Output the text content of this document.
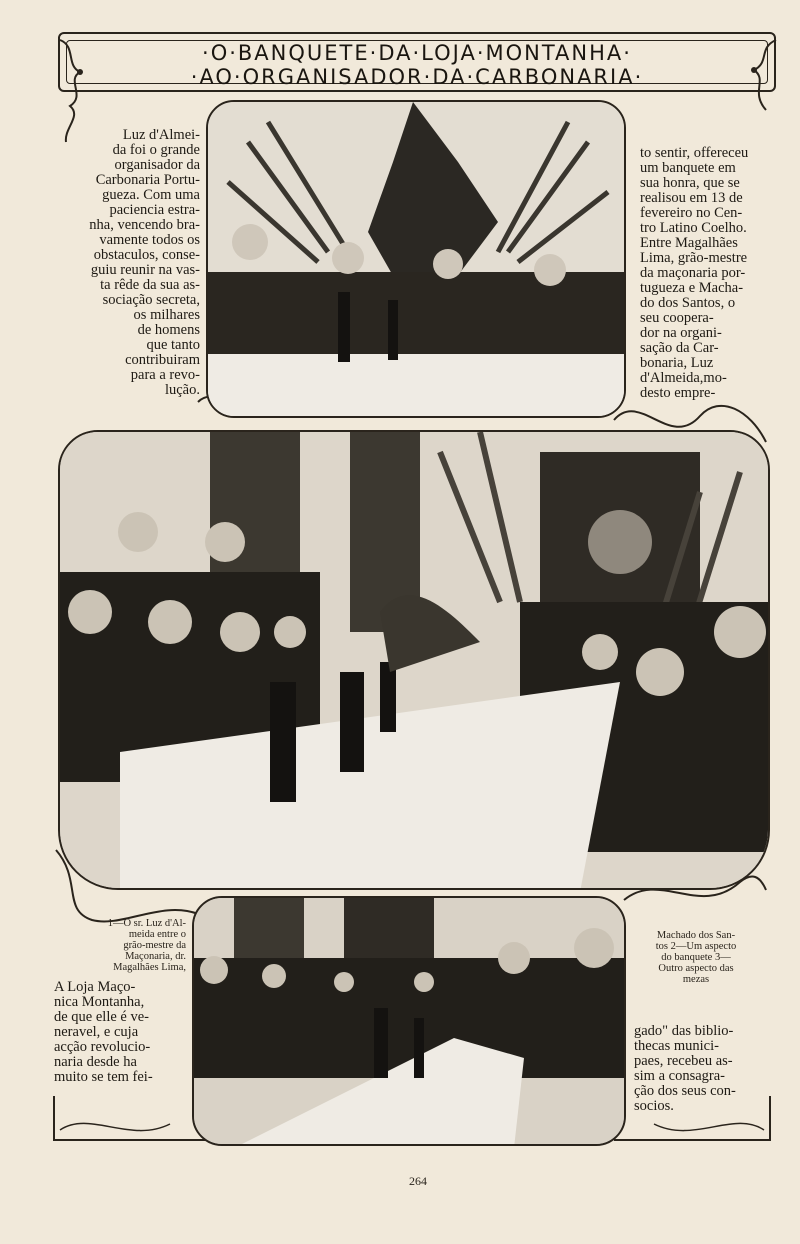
·O·BANQUETE·DA·LOJA·MONTANHA·
·AO·ORGANISADOR·DA·CARBONARIA·

Luz d'Almei-

da foi o grande

organisador da

Carbonaria Portu-

gueza. Com uma

paciencia estra-

nha, vencendo bra-

vamente todos os

obstaculos, conse-

guiu reunir na vas-

ta rêde da sua as-

sociação secreta,

os milhares

de homens

que tanto

contribuiram

para a revo-

lução.

to sentir, offereceu

um banquete em

sua honra, que se

realisou em 13 de

fevereiro no Cen-

tro Latino Coelho.

Entre Magalhães

Lima, grão-mestre

da maçonaria por-

tugueza e Macha-

do dos Santos, o

seu cooperа-

dor na organi-

sação da Car-

bonaria, Luz

d'Almeida,mo-

desto empre-

A Loja Maço-

nica Montanha,

de que elle é ve-

neravel, e cuja

acção revolucio-

naria desde ha

muito se tem fei-

gado" das biblio-

thecas munici-

paes, recebeu as-

sim a consagra-

ção dos seus con-

socios.

1—O sr. Luz d'Al-
meida entre o
grão-mestre da
Maçonaria, dr.
Magalhães Lima,
Machado dos San-
tos 2—Um aspecto
do banquete 3—
Outro aspecto das
mezas
264
